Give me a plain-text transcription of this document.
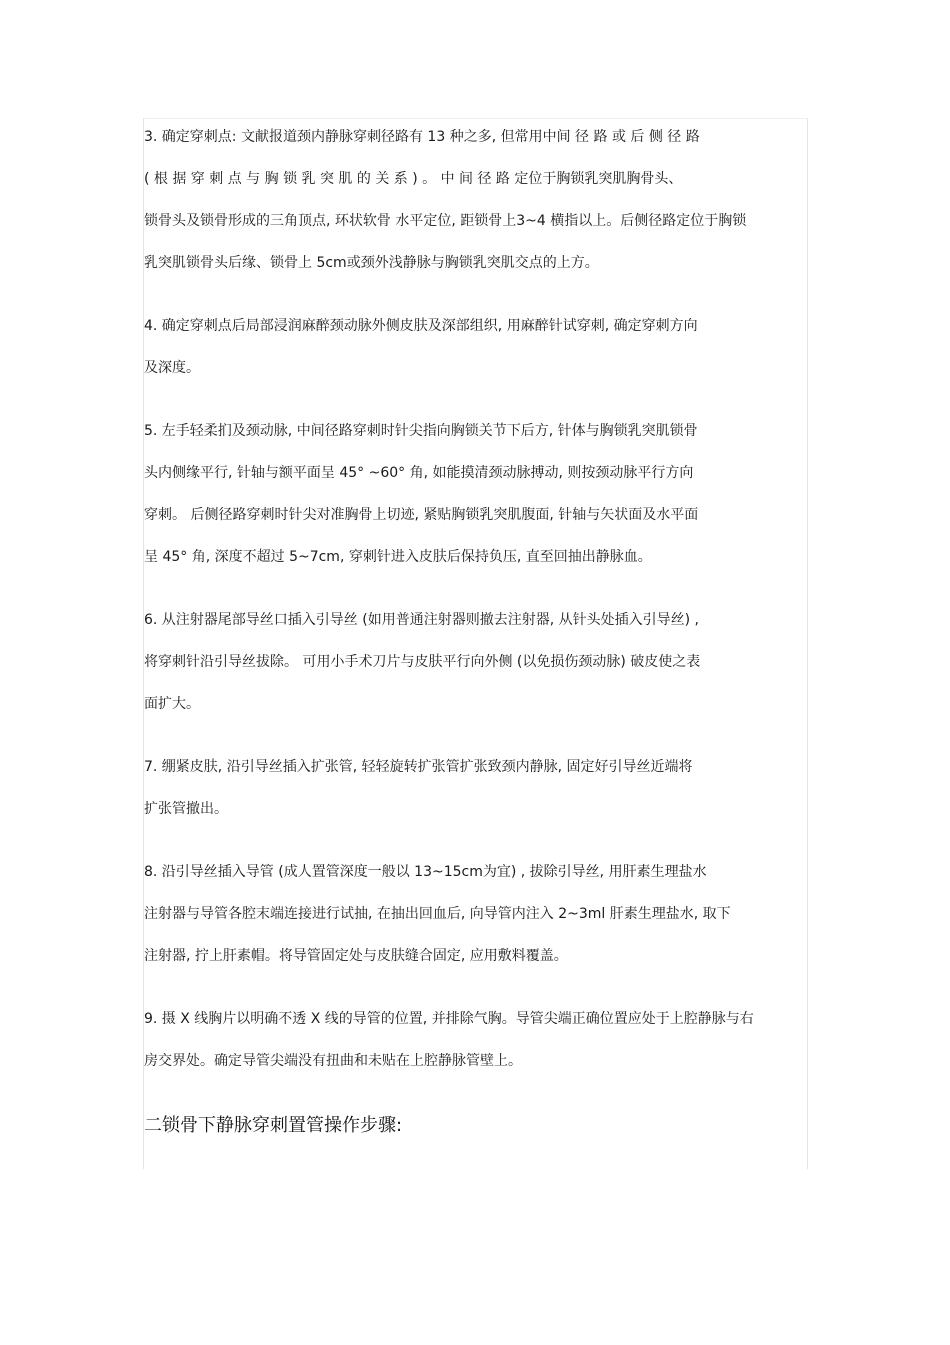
3. 确定穿刺点: 文献报道颈内静脉穿刺径路有 13 种之多, 但常用中间 径 路 或 后 侧 径 路
( 根 据 穿 刺 点 与 胸 锁 乳 突 肌 的 关 系 ) 。 中 间 径 路 定位于胸锁乳突肌胸骨头、
锁骨头及锁骨形成的三角顶点, 环状软骨 水平定位, 距锁骨上3~4 横指以上。后侧径路定位于胸锁
乳突肌锁骨头后缘、锁骨上 5cm或颈外浅静脉与胸锁乳突肌交点的上方。
4. 确定穿刺点后局部浸润麻醉颈动脉外侧皮肤及深部组织, 用麻醉针试穿刺, 确定穿刺方向
及深度。
5. 左手轻柔扪及颈动脉, 中间径路穿刺时针尖指向胸锁关节下后方, 针体与胸锁乳突肌锁骨
头内侧缘平行, 针轴与额平面呈 45° ~60° 角, 如能摸清颈动脉搏动, 则按颈动脉平行方向
穿刺。 后侧径路穿刺时针尖对准胸骨上切迹, 紧贴胸锁乳突肌腹面, 针轴与矢状面及水平面
呈 45° 角, 深度不超过 5~7cm, 穿刺针进入皮肤后保持负压, 直至回抽出静脉血。
6. 从注射器尾部导丝口插入引导丝 (如用普通注射器则撤去注射器, 从针头处插入引导丝) ,
将穿刺针沿引导丝拔除。 可用小手术刀片与皮肤平行向外侧 (以免损伤颈动脉) 破皮使之表
面扩大。
7. 绷紧皮肤, 沿引导丝插入扩张管, 轻轻旋转扩张管扩张致颈内静脉, 固定好引导丝近端将
扩张管撤出。
8. 沿引导丝插入导管 (成人置管深度一般以 13~15cm为宜) , 拔除引导丝, 用肝素生理盐水
注射器与导管各腔末端连接进行试抽, 在抽出回血后, 向导管内注入 2~3ml 肝素生理盐水, 取下
注射器, 拧上肝素帽。将导管固定处与皮肤缝合固定, 应用敷料覆盖。
9. 摄 X 线胸片以明确不透 X 线的导管的位置, 并排除气胸。导管尖端正确位置应处于上腔静脉与右
房交界处。确定导管尖端没有扭曲和未贴在上腔静脉管壁上。
二锁骨下静脉穿刺置管操作步骤:
